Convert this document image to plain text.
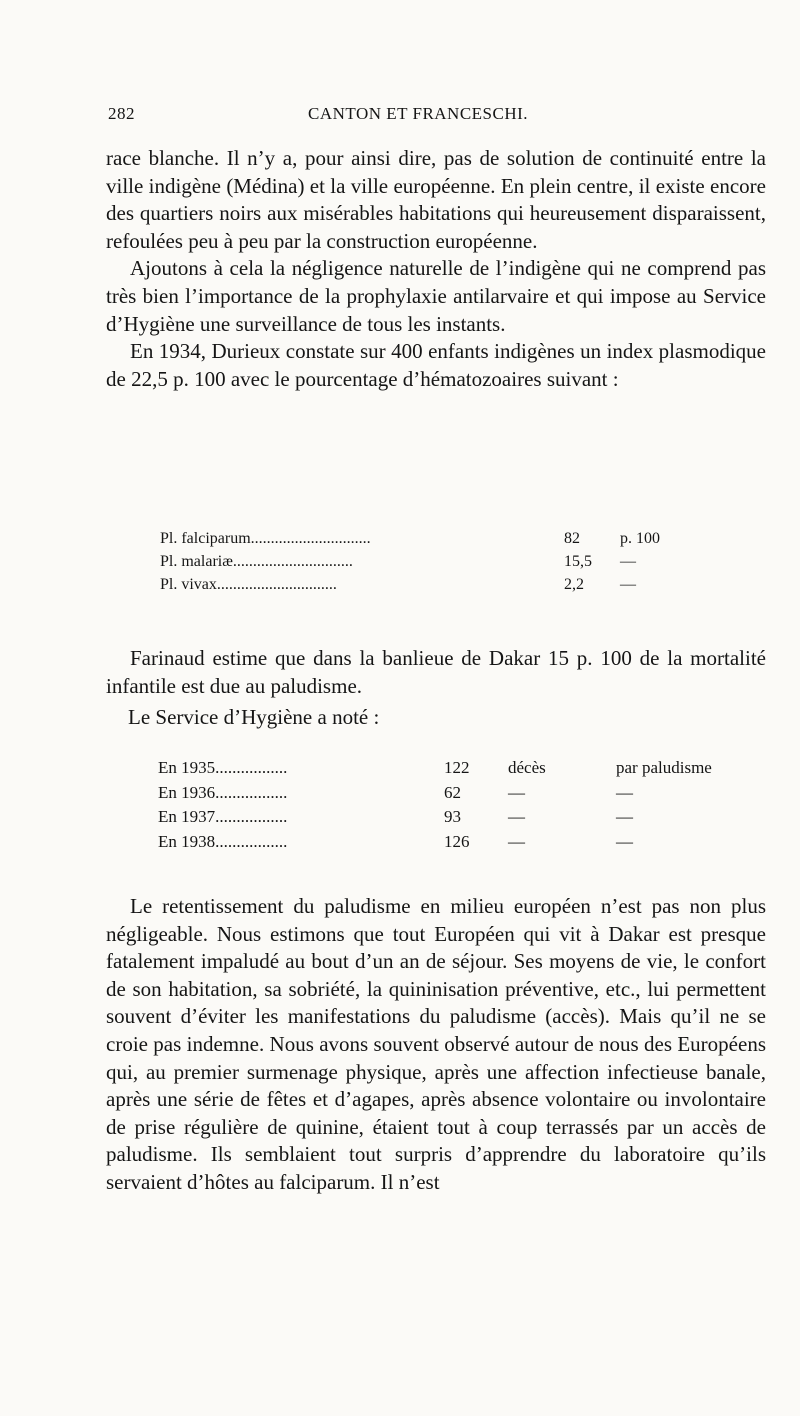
282	CANTON ET FRANCESCHI.

race blanche. Il n’y a, pour ainsi dire, pas de solution de continuité entre la ville indigène (Médina) et la ville européenne. En plein centre, il existe encore des quartiers noirs aux misérables habitations qui heureusement disparaissent, refoulées peu à peu par la construction européenne.

Ajoutons à cela la négligence naturelle de l’indigène qui ne comprend pas très bien l’importance de la prophylaxie antilarvaire et qui impose au Service d’Hygiène une surveillance de tous les instants.

En 1934, Durieux constate sur 400 enfants indigènes un index plasmodique de 22,5 p. 100 avec le pourcentage d’hématozoaires suivant :

Pl. falciparum..............................	82	p. 100
Pl. malariæ..............................	15,5 —
Pl. vivax..............................	2,2 —

Farinaud estime que dans la banlieue de Dakar 15 p. 100 de la mortalité infantile est due au paludisme.

Le Service d’Hygiène a noté :
En 1935.................	122 décès	par paludisme
En 1936.................	62	—	—
En 1937.................	93	—	—
En 1938.................	126 —	—

Le retentissement du paludisme en milieu européen n’est pas non plus négligeable. Nous estimons que tout Européen qui vit à Dakar est presque fatalement impaludé au bout d’un an de séjour. Ses moyens de vie, le confort de son habitation, sa sobriété, la quininisation préventive, etc., lui permettent souvent d’éviter les manifestations du paludisme (accès). Mais qu’il ne se croie pas indemne. Nous avons souvent observé autour de nous des Européens qui, au premier surmenage physique, après une affection infectieuse banale, après une série de fêtes et d’agapes, après absence volontaire ou involontaire de prise régulière de quinine, étaient tout à coup terrassés par un accès de paludisme. Ils semblaient tout surpris d’apprendre du laboratoire qu’ils servaient d’hôtes au falciparum. Il n’est
